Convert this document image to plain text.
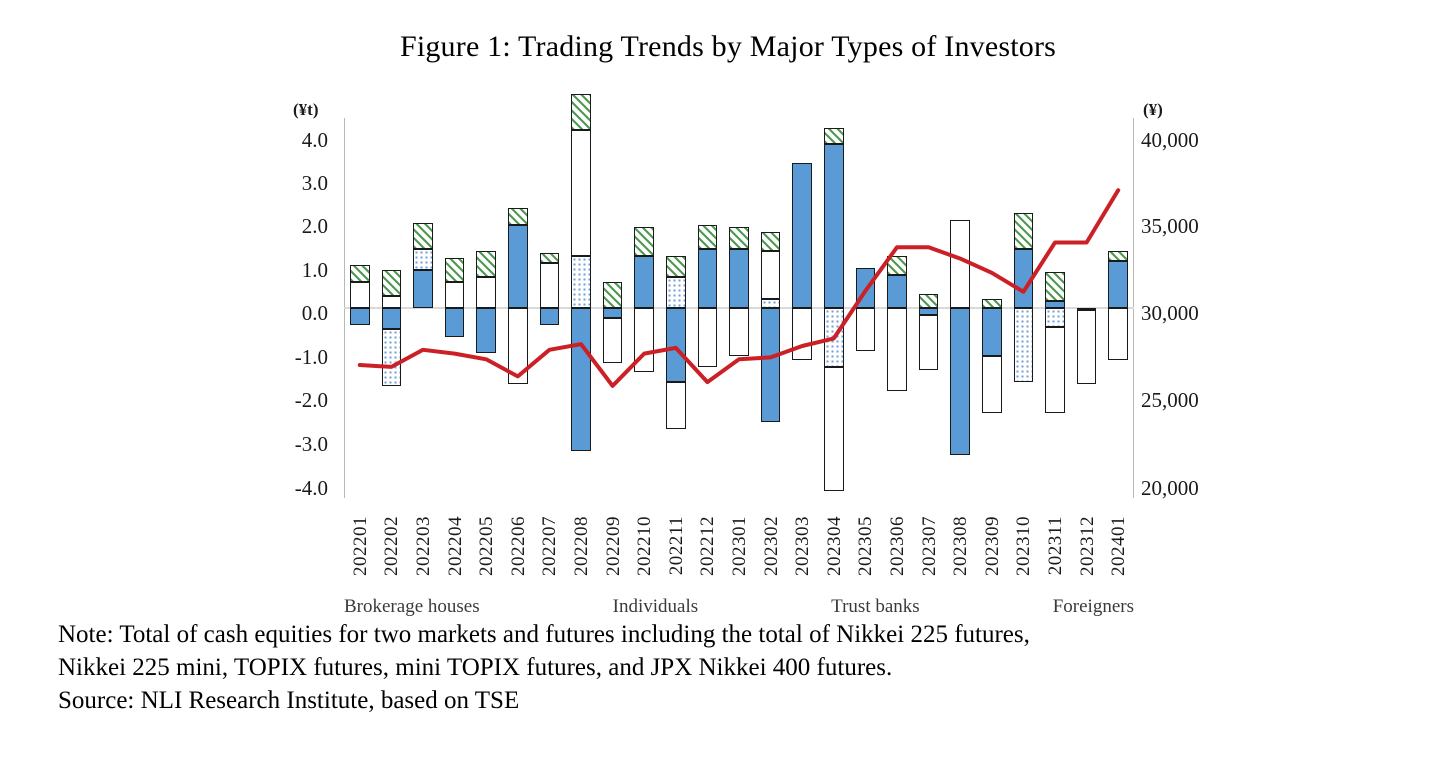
Figure 1: Trading Trends by Major Types of Investors
(¥t)	(¥)
4.0
3.0
2.0
1.0
0.0
-1.0
-2.0
-3.0
-4.0
40,000
35,000
30,000
25,000
20,000
202201 202202 202203 202204 202205 202206 202207 202208 202209 202210 202211 202212 202301 202302 202303 202304 202305 202306 202307 202308 202309 202310 202311 202312 202401
Brokerage houses	Individuals	Trust banks	Foreigners
Note: Total of cash equities for two markets and futures including the total of Nikkei 225 futures,
Nikkei 225 mini, TOPIX futures, mini TOPIX futures, and JPX Nikkei 400 futures.
Source: NLI Research Institute, based on TSE
